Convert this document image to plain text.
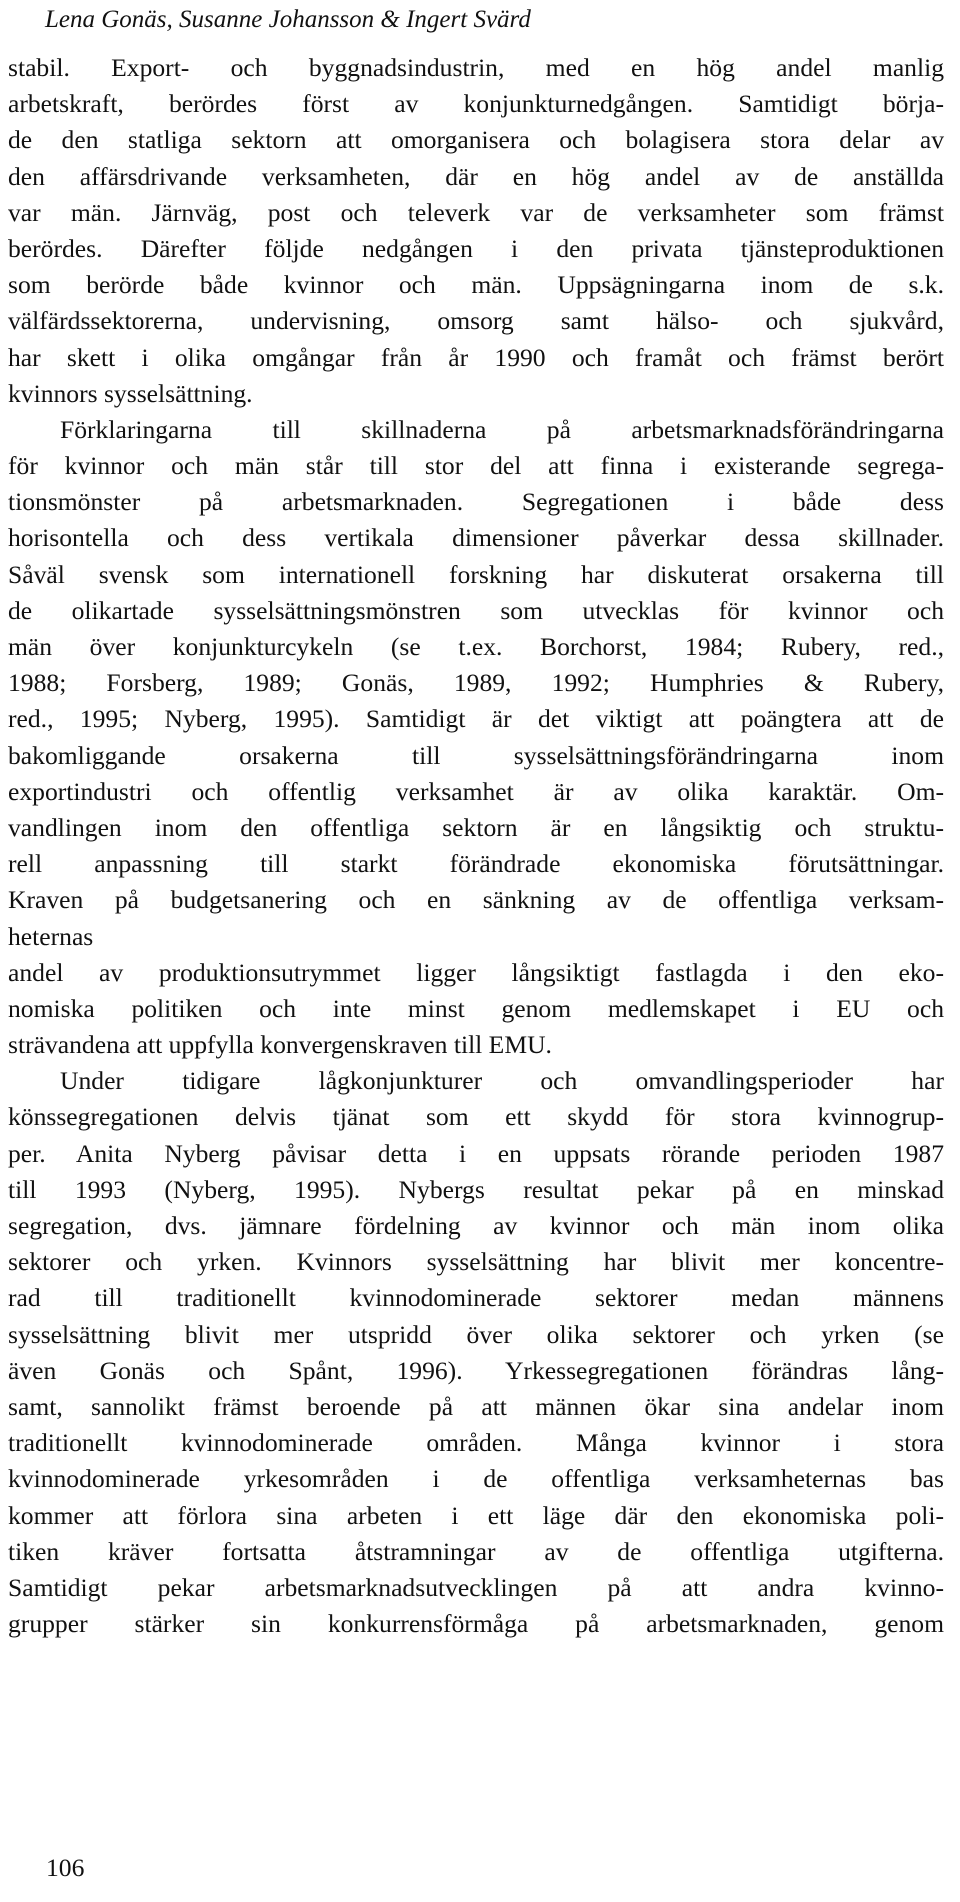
Lena Gonäs, Susanne Johansson & Ingert Svärd
stabil. Export- och byggnadsindustrin, med en hög andel manlig
arbetskraft, berördes först av konjunkturnedgången. Samtidigt börja-
de den statliga sektorn att omorganisera och bolagisera stora delar av
den affärsdrivande verksamheten, där en hög andel av de anställda
var män. Järnväg, post och televerk var de verksamheter som främst
berördes. Därefter följde nedgången i den privata tjänsteproduktionen
som berörde både kvinnor och män. Uppsägningarna inom de s.k.
välfärdssektorerna, undervisning, omsorg samt hälso- och sjukvård,
har skett i olika omgångar från år 1990 och framåt och främst berört
kvinnors sysselsättning.
Förklaringarna till skillnaderna på arbetsmarknadsförändringarna
för kvinnor och män står till stor del att finna i existerande segrega-
tionsmönster på arbetsmarknaden. Segregationen i både dess
horisontella och dess vertikala dimensioner påverkar dessa skillnader.
Såväl svensk som internationell forskning har diskuterat orsakerna till
de olikartade sysselsättningsmönstren som utvecklas för kvinnor och
män över konjunkturcykeln (se t.ex. Borchorst, 1984; Rubery, red.,
1988; Forsberg, 1989; Gonäs, 1989, 1992; Humphries & Rubery,
red., 1995; Nyberg, 1995). Samtidigt är det viktigt att poängtera att de
bakomliggande orsakerna till sysselsättningsförändringarna inom
exportindustri och offentlig verksamhet är av olika karaktär. Om-
vandlingen inom den offentliga sektorn är en långsiktig och struktu-
rell anpassning till starkt förändrade ekonomiska förutsättningar.
Kraven på budgetsanering och en sänkning av de offentliga verksam-
heternas
andel av produktionsutrymmet ligger långsiktigt fastlagda i den eko-
nomiska politiken och inte minst genom medlemskapet i EU och
strävandena att uppfylla konvergenskraven till EMU.
Under tidigare lågkonjunkturer och omvandlingsperioder har
könssegregationen delvis tjänat som ett skydd för stora kvinnogrup-
per. Anita Nyberg påvisar detta i en uppsats rörande perioden 1987
till 1993 (Nyberg, 1995). Nybergs resultat pekar på en minskad
segregation, dvs. jämnare fördelning av kvinnor och män inom olika
sektorer och yrken. Kvinnors sysselsättning har blivit mer koncentre-
rad till traditionellt kvinnodominerade sektorer medan männens
sysselsättning blivit mer utspridd över olika sektorer och yrken (se
även Gonäs och Spånt, 1996). Yrkessegregationen förändras lång-
samt, sannolikt främst beroende på att männen ökar sina andelar inom
traditionellt kvinnodominerade områden. Många kvinnor i stora
kvinnodominerade yrkesområden i de offentliga verksamheternas bas
kommer att förlora sina arbeten i ett läge där den ekonomiska poli-
tiken kräver fortsatta åtstramningar av de offentliga utgifterna.
Samtidigt pekar arbetsmarknadsutvecklingen på att andra kvinno-
grupper stärker sin konkurrensförmåga på arbetsmarknaden, genom
106
